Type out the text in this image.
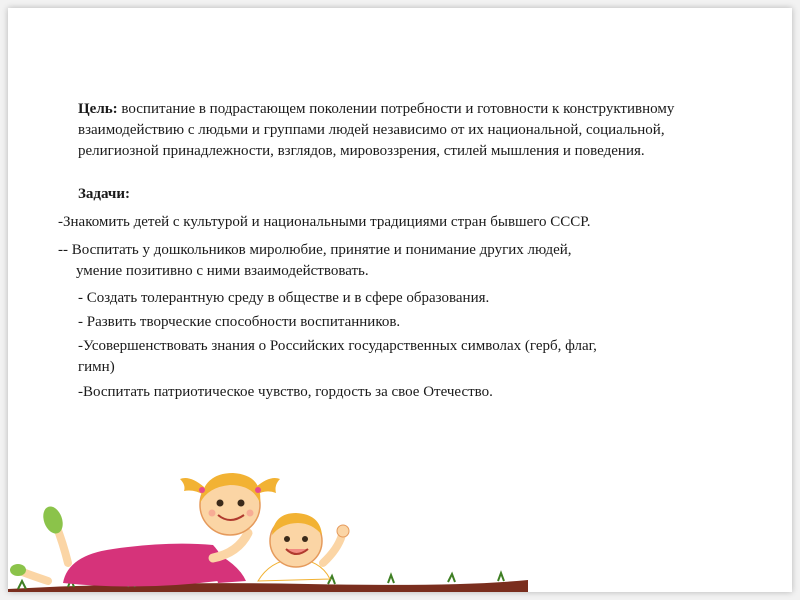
Цель: воспитание в подрастающем поколении потребности и готовности к конструктивному взаимодействию с людьми и группами людей независимо от их национальной, социальной, религиозной принадлежности, взглядов, мировоззрения, стилей мышления и поведения.
Задачи:
-Знакомить детей с культурой и национальными традициями стран бывшего СССР.
-- Воспитать у дошкольников миролюбие, принятие и понимание других людей,
умение позитивно с ними взаимодействовать.
- Создать толерантную среду в обществе и в сфере образования.
- Развить творческие способности воспитанников.
-Усовершенствовать знания о Российских государственных символах (герб, флаг,
гимн)
-Воспитать патриотическое чувство, гордость за свое Отечество.
